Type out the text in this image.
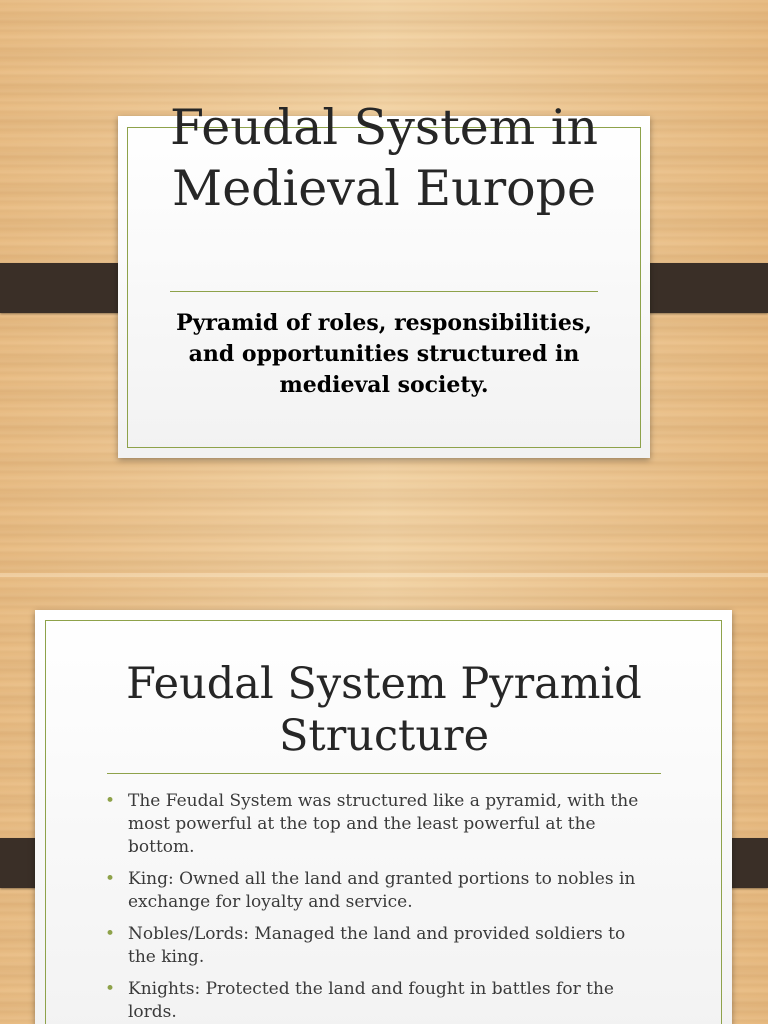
Feudal System in Medieval Europe

Pyramid of roles, responsibilities, and opportunities structured in medieval society.

Feudal System Pyramid Structure
• The Feudal System was structured like a pyramid, with the most powerful at the top and the least powerful at the bottom.
• King: Owned all the land and granted portions to nobles in exchange for loyalty and service.
• Nobles/Lords: Managed the land and provided soldiers to the king.
• Knights: Protected the land and fought in battles for the lords.
